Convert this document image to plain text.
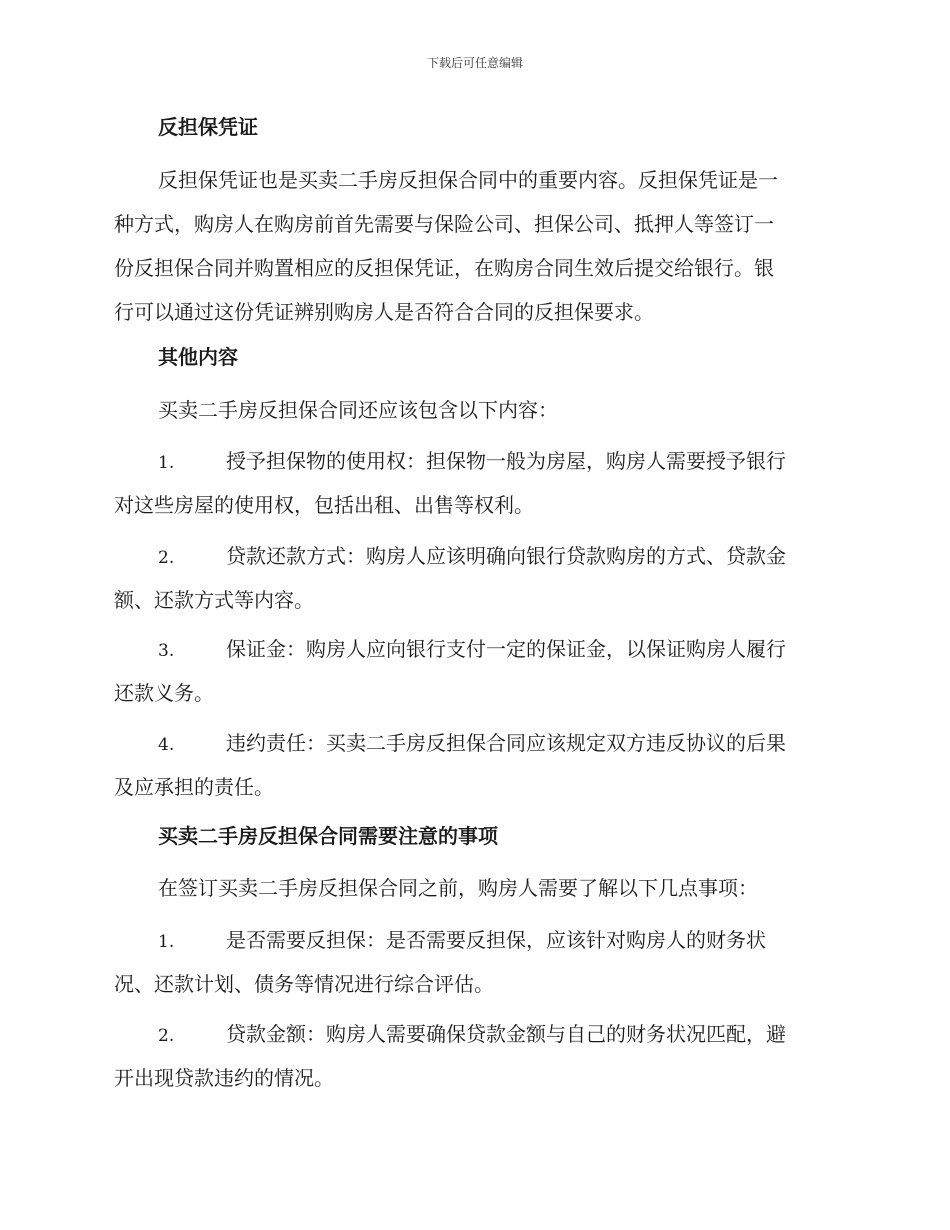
下载后可任意编辑
反担保凭证
反担保凭证也是买卖二手房反担保合同中的重要内容。反担保凭证是一
种方式，购房人在购房前首先需要与保险公司、担保公司、抵押人等签订一
份反担保合同并购置相应的反担保凭证，在购房合同生效后提交给银行。银
行可以通过这份凭证辨别购房人是否符合合同的反担保要求。
其他内容
买卖二手房反担保合同还应该包含以下内容：
1.	授予担保物的使用权：担保物一般为房屋，购房人需要授予银行
对这些房屋的使用权，包括出租、出售等权利。
2.	贷款还款方式：购房人应该明确向银行贷款购房的方式、贷款金
额、还款方式等内容。
3.	保证金：购房人应向银行支付一定的保证金，以保证购房人履行
还款义务。
4.	违约责任：买卖二手房反担保合同应该规定双方违反协议的后果
及应承担的责任。
买卖二手房反担保合同需要注意的事项
在签订买卖二手房反担保合同之前，购房人需要了解以下几点事项：
1.	是否需要反担保：是否需要反担保，应该针对购房人的财务状
况、还款计划、债务等情况进行综合评估。
2.	贷款金额：购房人需要确保贷款金额与自己的财务状况匹配，避
开出现贷款违约的情况。
